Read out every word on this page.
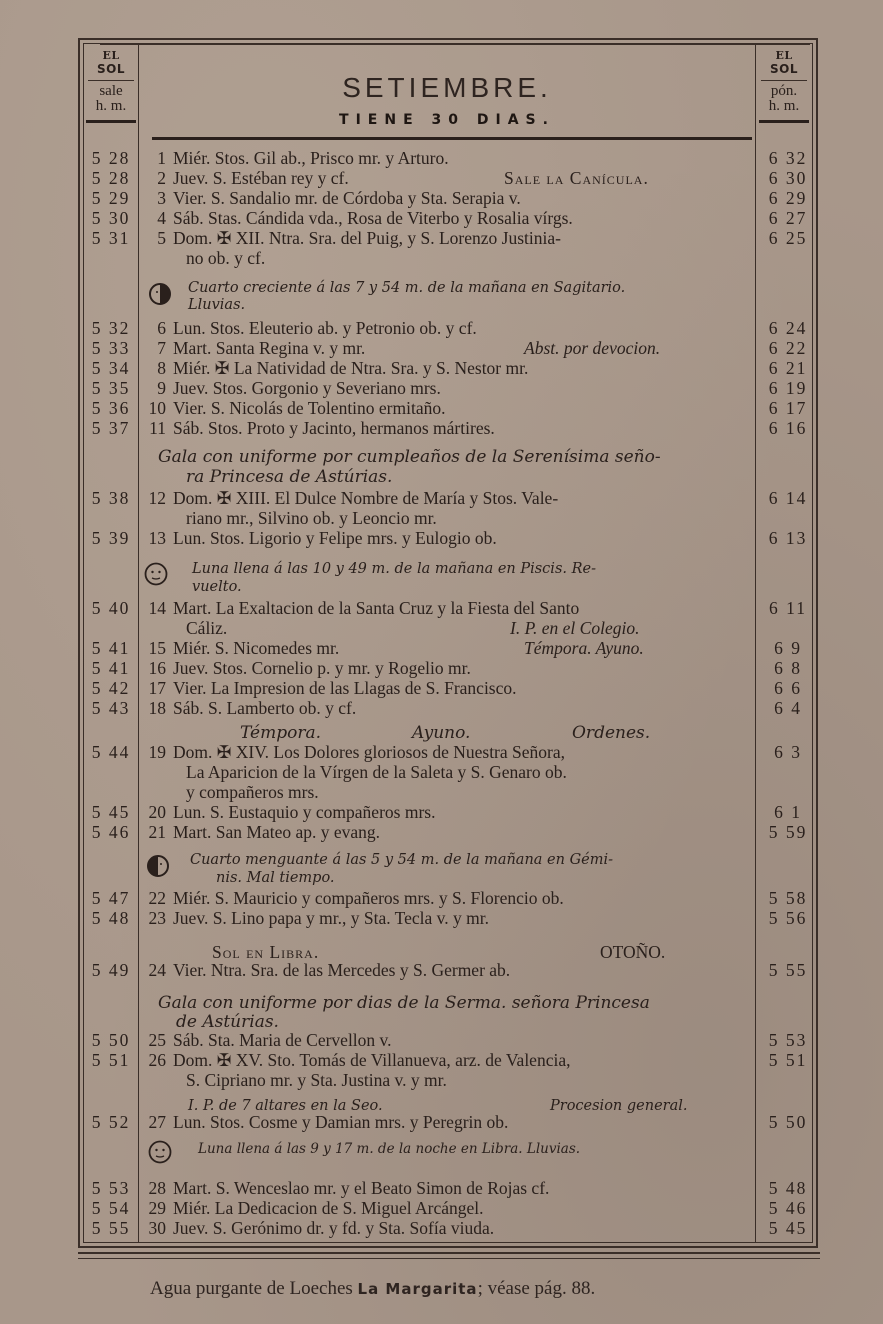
EL
SOL
sale
h. m.
EL
SOL
pón.
h. m.
SETIEMBRE.
TIENE 30 DIAS.
5 28	1 Miér. Stos. Gil ab., Prisco mr. y Arturo.	6 32
5 28	2 Juev. S. Estéban rey y cf.	Sale la Canícula.	6 30
5 29	3 Vier. S. Sandalio mr. de Córdoba y Sta. Serapia v.	6 29
5 30	4 Sáb. Stas. Cándida vda., Rosa de Viterbo y Rosalia vírgs.	6 27
5 31	5 Dom. ✠ XII. Ntra. Sra. del Puig, y S. Lorenzo Justinia-	6 25
no ob. y cf.
5 32	6 Lun. Stos. Eleuterio ab. y Petronio ob. y cf.	6 24
5 33	7 Mart. Santa Regina v. y mr.	Abst. por devocion.	6 22
5 34	8 Miér. ✠ La Natividad de Ntra. Sra. y S. Nestor mr.	6 21
5 35	9 Juev. Stos. Gorgonio y Severiano mrs.	6 19
5 36	10 Vier. S. Nicolás de Tolentino ermitaño.	6 17
5 37	11 Sáb. Stos. Proto y Jacinto, hermanos mártires.	6 16
5 38	12 Dom. ✠ XIII. El Dulce Nombre de María y Stos. Vale-	6 14
riano mr., Silvino ob. y Leoncio mr.
5 39	13 Lun. Stos. Ligorio y Felipe mrs. y Eulogio ob.	6 13
5 40	14 Mart. La Exaltacion de la Santa Cruz y la Fiesta del Santo	6 11
Cáliz.	I. P. en el Colegio.
5 41	15 Miér. S. Nicomedes mr.	Témpora. Ayuno.	6 9
5 41	16 Juev. Stos. Cornelio p. y mr. y Rogelio mr.	6 8
5 42	17 Vier. La Impresion de las Llagas de S. Francisco.	6 6
5 43	18 Sáb. S. Lamberto ob. y cf.	6 4
5 44	19 Dom. ✠ XIV. Los Dolores gloriosos de Nuestra Señora,	6 3
La Aparicion de la Vírgen de la Saleta y S. Genaro ob.
y compañeros mrs.
5 45	20 Lun. S. Eustaquio y compañeros mrs.	6 1
5 46	21 Mart. San Mateo ap. y evang.	5 59
5 47	22 Miér. S. Mauricio y compañeros mrs. y S. Florencio ob.	5 58
5 48	23 Juev. S. Lino papa y mr., y Sta. Tecla v. y mr.	5 56
5 49	24 Vier. Ntra. Sra. de las Mercedes y S. Germer ab.	5 55
5 50	25 Sáb. Sta. Maria de Cervellon v.	5 53
5 51	26 Dom. ✠ XV. Sto. Tomás de Villanueva, arz. de Valencia,	5 51
S. Cipriano mr. y Sta. Justina v. y mr.
5 52	27 Lun. Stos. Cosme y Damian mrs. y Peregrin ob.	5 50
5 53	28 Mart. S. Wenceslao mr. y el Beato Simon de Rojas cf.	5 48
5 54	29 Miér. La Dedicacion de S. Miguel Arcángel.	5 46
5 55	30 Juev. S. Gerónimo dr. y fd. y Sta. Sofía viuda.	5 45
Cuarto creciente á las 7 y 54 m. de la mañana en Sagitario.
Lluvias.
Gala con uniforme por cumpleaños de la Serenísima seño-
ra Princesa de Astúrias.
Luna llena á las 10 y 49 m. de la mañana en Piscis. Re-
vuelto.
Témpora.	Ayuno.	Ordenes.
Cuarto menguante á las 5 y 54 m. de la mañana en Gémi-
nis. Mal tiempo.
Sol en Libra.	OTOÑO.
Gala con uniforme por dias de la Serma. señora Princesa
de Astúrias.
I. P. de 7 altares en la Seo.	Procesion general.
Luna llena á las 9 y 17 m. de la noche en Libra. Lluvias.
Agua purgante de Loeches La Margarita; véase pág. 88.
